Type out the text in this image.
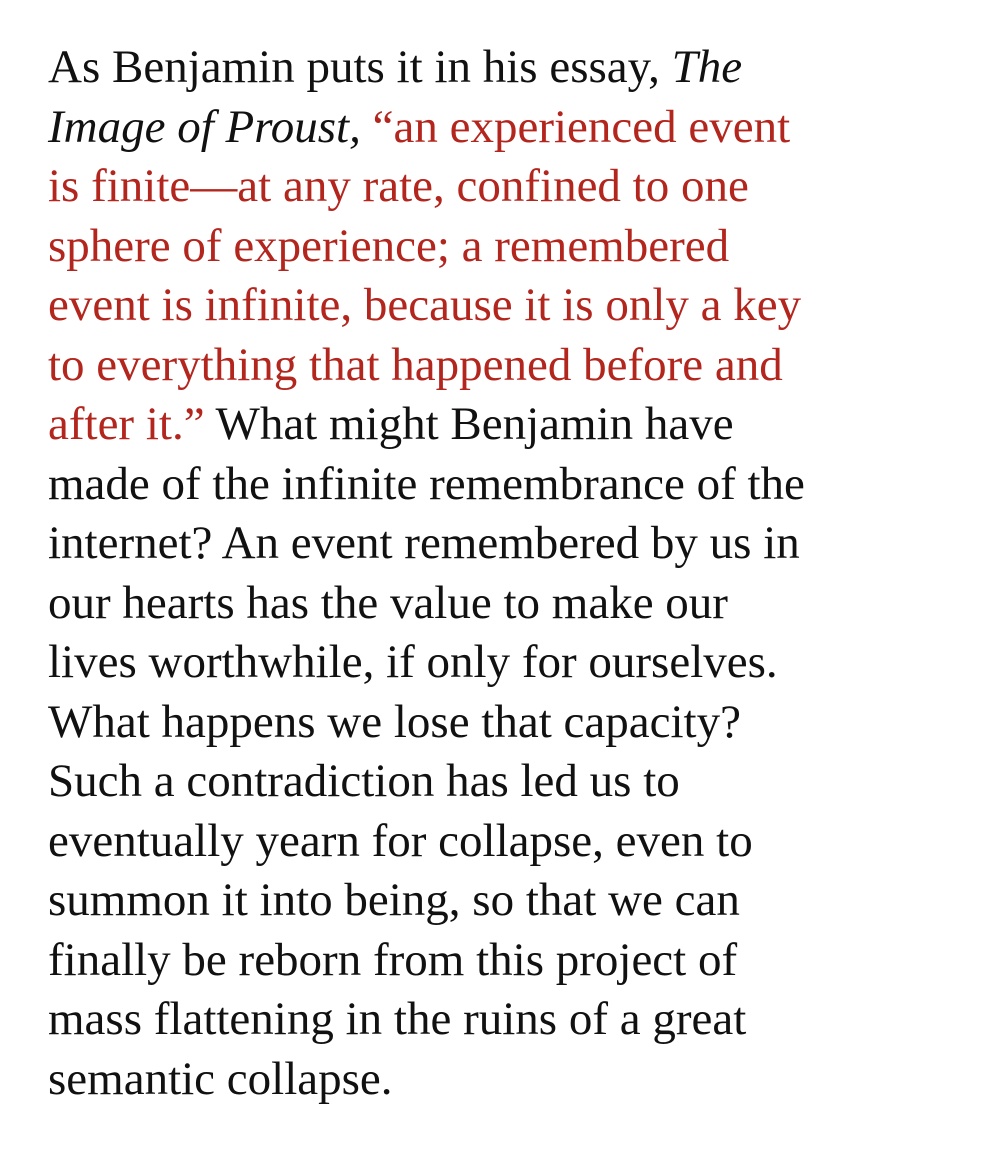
As Benjamin puts it in his essay, The
Image of Proust, “an experienced event
is finite—at any rate, confined to one
sphere of experience; a remembered
event is infinite, because it is only a key
to everything that happened before and
after it.” What might Benjamin have
made of the infinite remembrance of the
internet? An event remembered by us in
our hearts has the value to make our
lives worthwhile, if only for ourselves.
What happens we lose that capacity?
Such a contradiction has led us to
eventually yearn for collapse, even to
summon it into being, so that we can
finally be reborn from this project of
mass flattening in the ruins of a great
semantic collapse.
